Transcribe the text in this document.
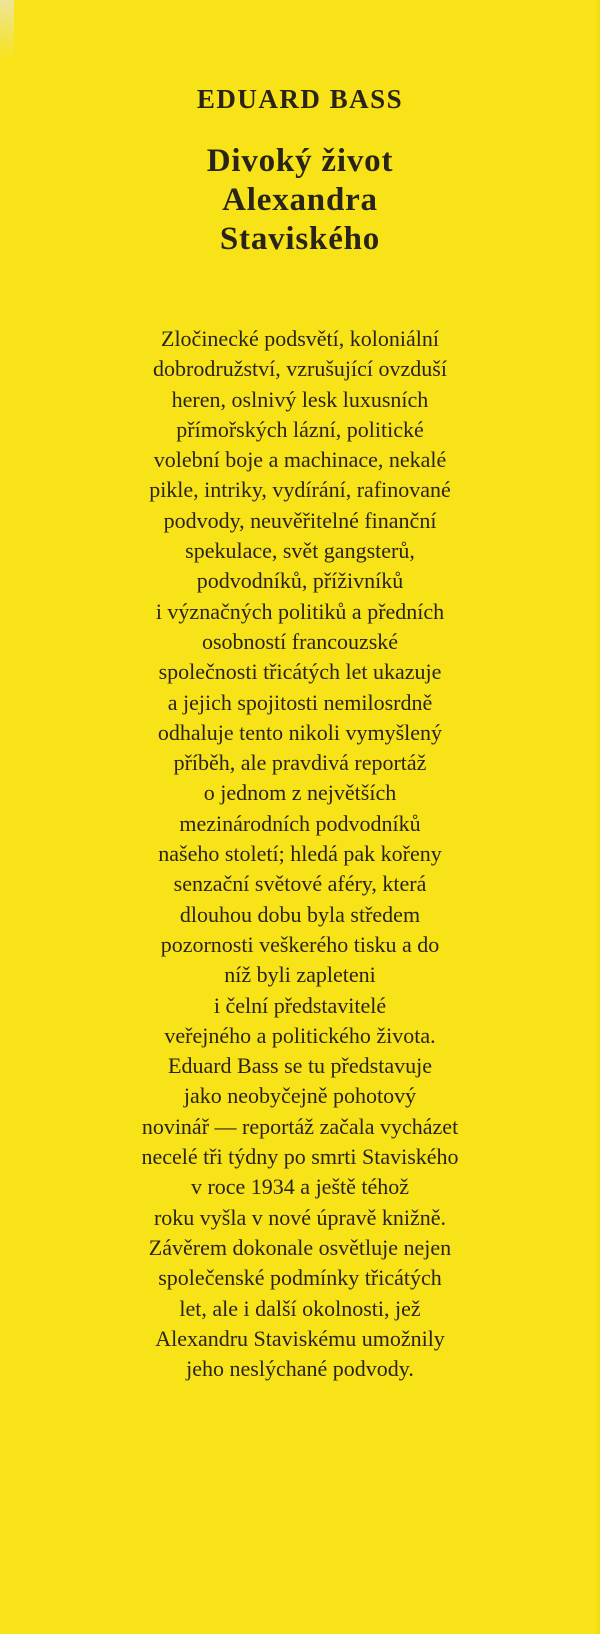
EDUARD BASS
Divoký život
Alexandra
Staviského

Zločinecké podsvětí, koloniální
dobrodružství, vzrušující ovzduší
heren, oslnivý lesk luxusních
přímořských lázní, politické
volební boje a machinace, nekalé
pikle, intriky, vydírání, rafinované
podvody, neuvěřitelné finanční
spekulace, svět gangsterů,
podvodníků, příživníků
i význačných politiků a předních
osobností francouzské
společnosti třicátých let ukazuje
a jejich spojitosti nemilosrdně
odhaluje tento nikoli vymyšlený
příběh, ale pravdivá reportáž
o jednom z největších
mezinárodních podvodníků
našeho století; hledá pak kořeny
senzační světové aféry, která
dlouhou dobu byla středem
pozornosti veškerého tisku a do
níž byli zapleteni
i čelní představitelé
veřejného a politického života.
Eduard Bass se tu představuje
jako neobyčejně pohotový
novinář — reportáž začala vycházet
necelé tři týdny po smrti Staviského
v roce 1934 a ještě téhož
roku vyšla v nové úpravě knižně.
Závěrem dokonale osvětluje nejen
společenské podmínky třicátých
let, ale i další okolnosti, jež
Alexandru Staviskému umožnily
jeho neslýchané podvody.
